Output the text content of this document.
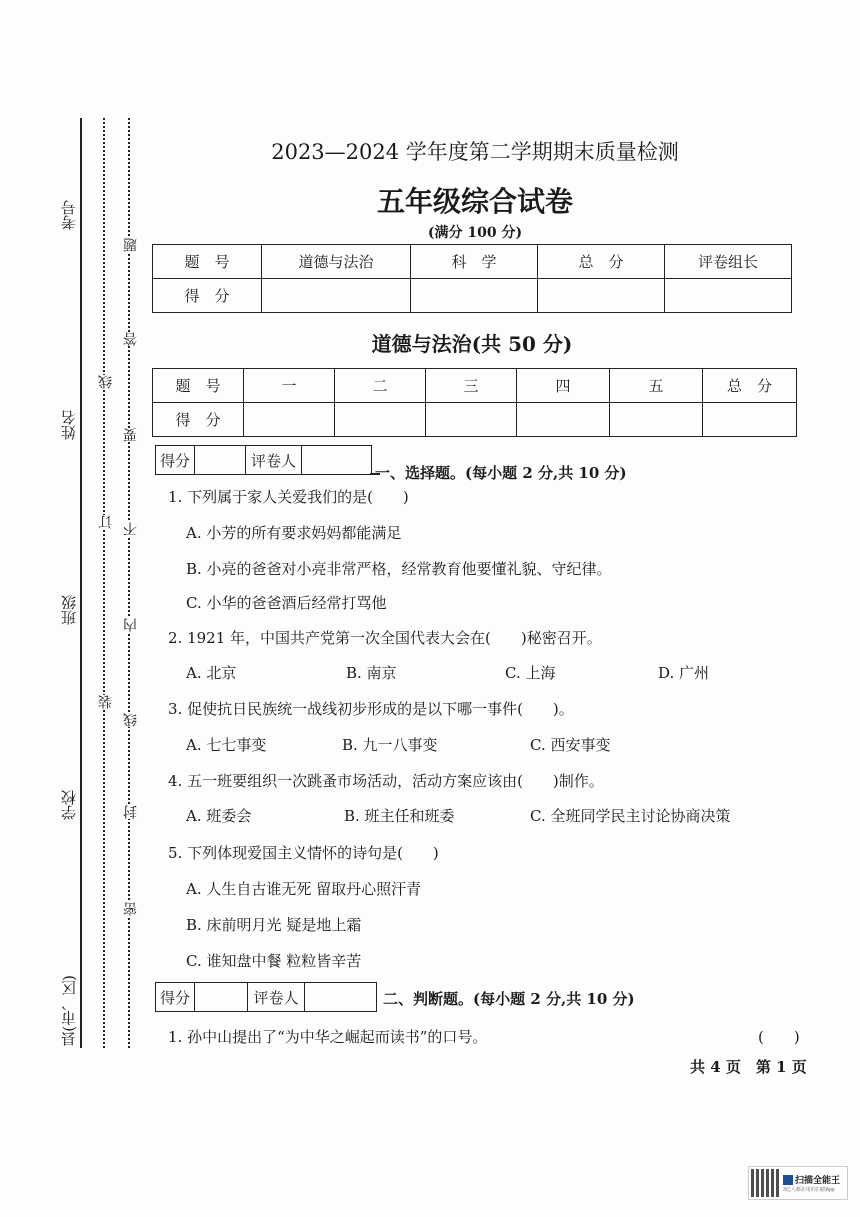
考号
姓名
班级
学校
县(市、区)
装
订
线
密
封
线
内
不
要
答
题
2023—2024 学年度第二学期期末质量检测
五年级综合试卷
(满分 100 分)
题　号	道德与法治	科　学	总　分	评卷组长
得　分				
道德与法治(共 50 分)
题　号	一	二	三	四	五	总　分
得　分						
得分	评卷人
一、选择题。(每小题 2 分,共 10 分)
1. 下列属于家人关爱我们的是(　　)
A. 小芳的所有要求妈妈都能满足
B. 小亮的爸爸对小亮非常严格，经常教育他要懂礼貌、守纪律。
C. 小华的爸爸酒后经常打骂他
2. 1921 年，中国共产党第一次全国代表大会在(　　)秘密召开。
A. 北京	B. 南京	C. 上海	D. 广州
3. 促使抗日民族统一战线初步形成的是以下哪一事件(　　)。
A. 七七事变	B. 九一八事变	C. 西安事变
4. 五一班要组织一次跳蚤市场活动，活动方案应该由(　　)制作。
A. 班委会	B. 班主任和班委	C. 全班同学民主讨论协商决策
5. 下列体现爱国主义情怀的诗句是(　　)
A. 人生自古谁无死 留取丹心照汗青
B. 床前明月光 疑是地上霜
C. 谁知盘中餐 粒粒皆辛苦
得分	评卷人	二、判断题。(每小题 2 分,共 10 分)
1. 孙中山提出了“为中华之崛起而读书”的口号。	(　　)
共 4 页　第 1 页
扫描全能王
3亿人都在用的扫描App
